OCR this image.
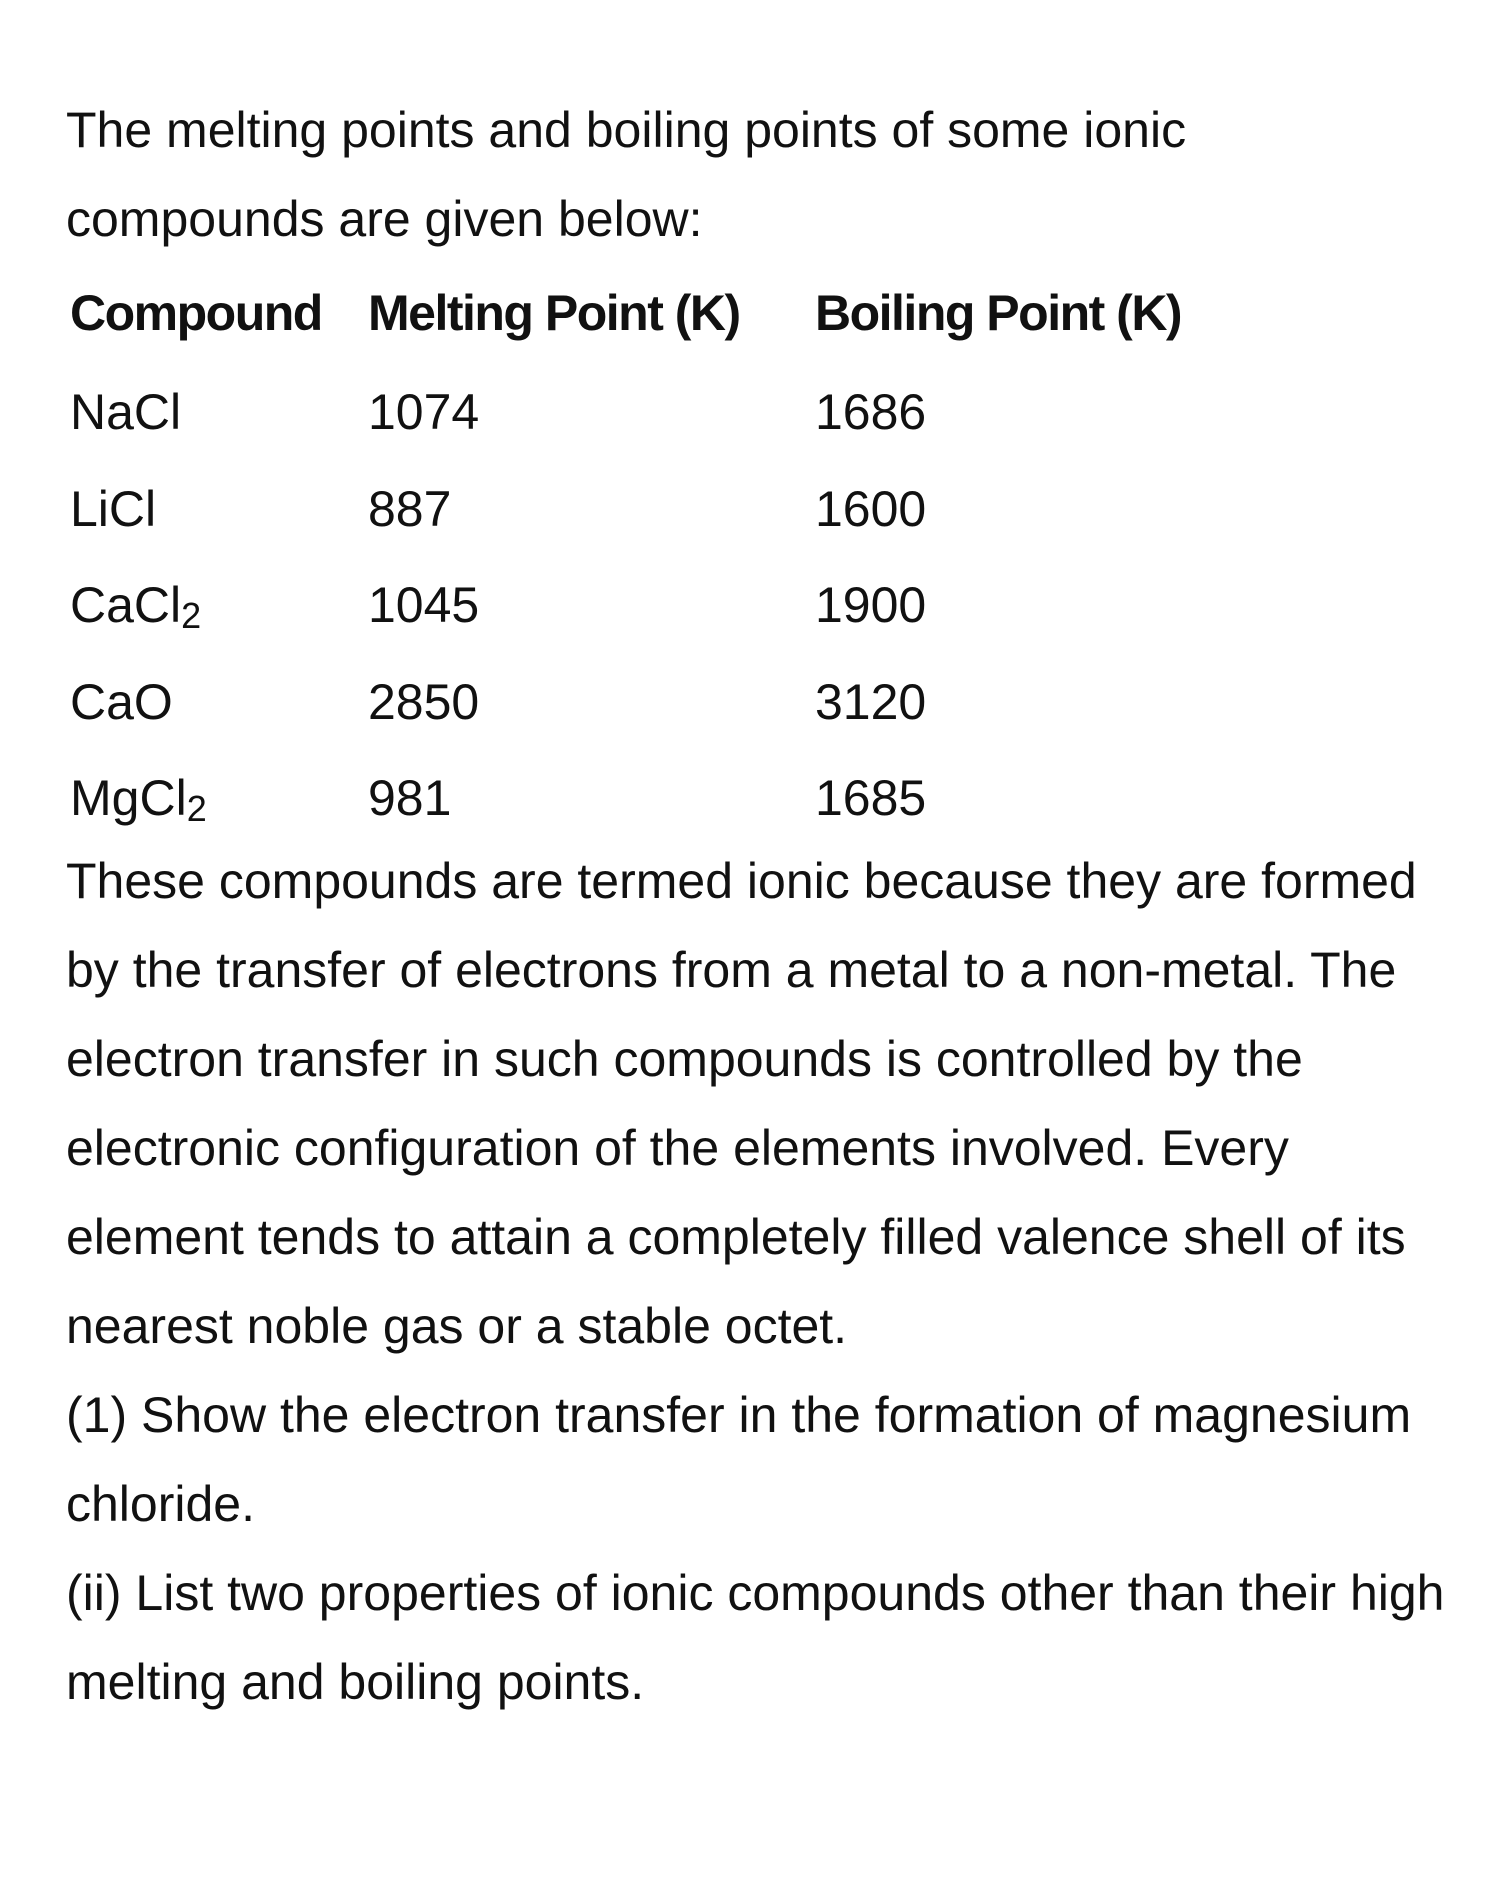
The melting points and boiling points of some ionic compounds are given below:

Compound	Melting Point (K)	Boiling Point (K)
NaCl	1074	1686
LiCl	887	1600
CaCl$_2$	1045	1900
CaO	2850	3120
MgCl$_2$	981	1685

These compounds are termed ionic because they are formed by the transfer of electrons from a metal to a non-metal. The electron transfer in such compounds is controlled by the electronic configuration of the elements involved. Every element tends to attain a completely filled valence shell of its nearest noble gas or a stable octet.

(1) Show the electron transfer in the formation of magnesium chloride.

(ii) List two properties of ionic compounds other than their high melting and boiling points.
